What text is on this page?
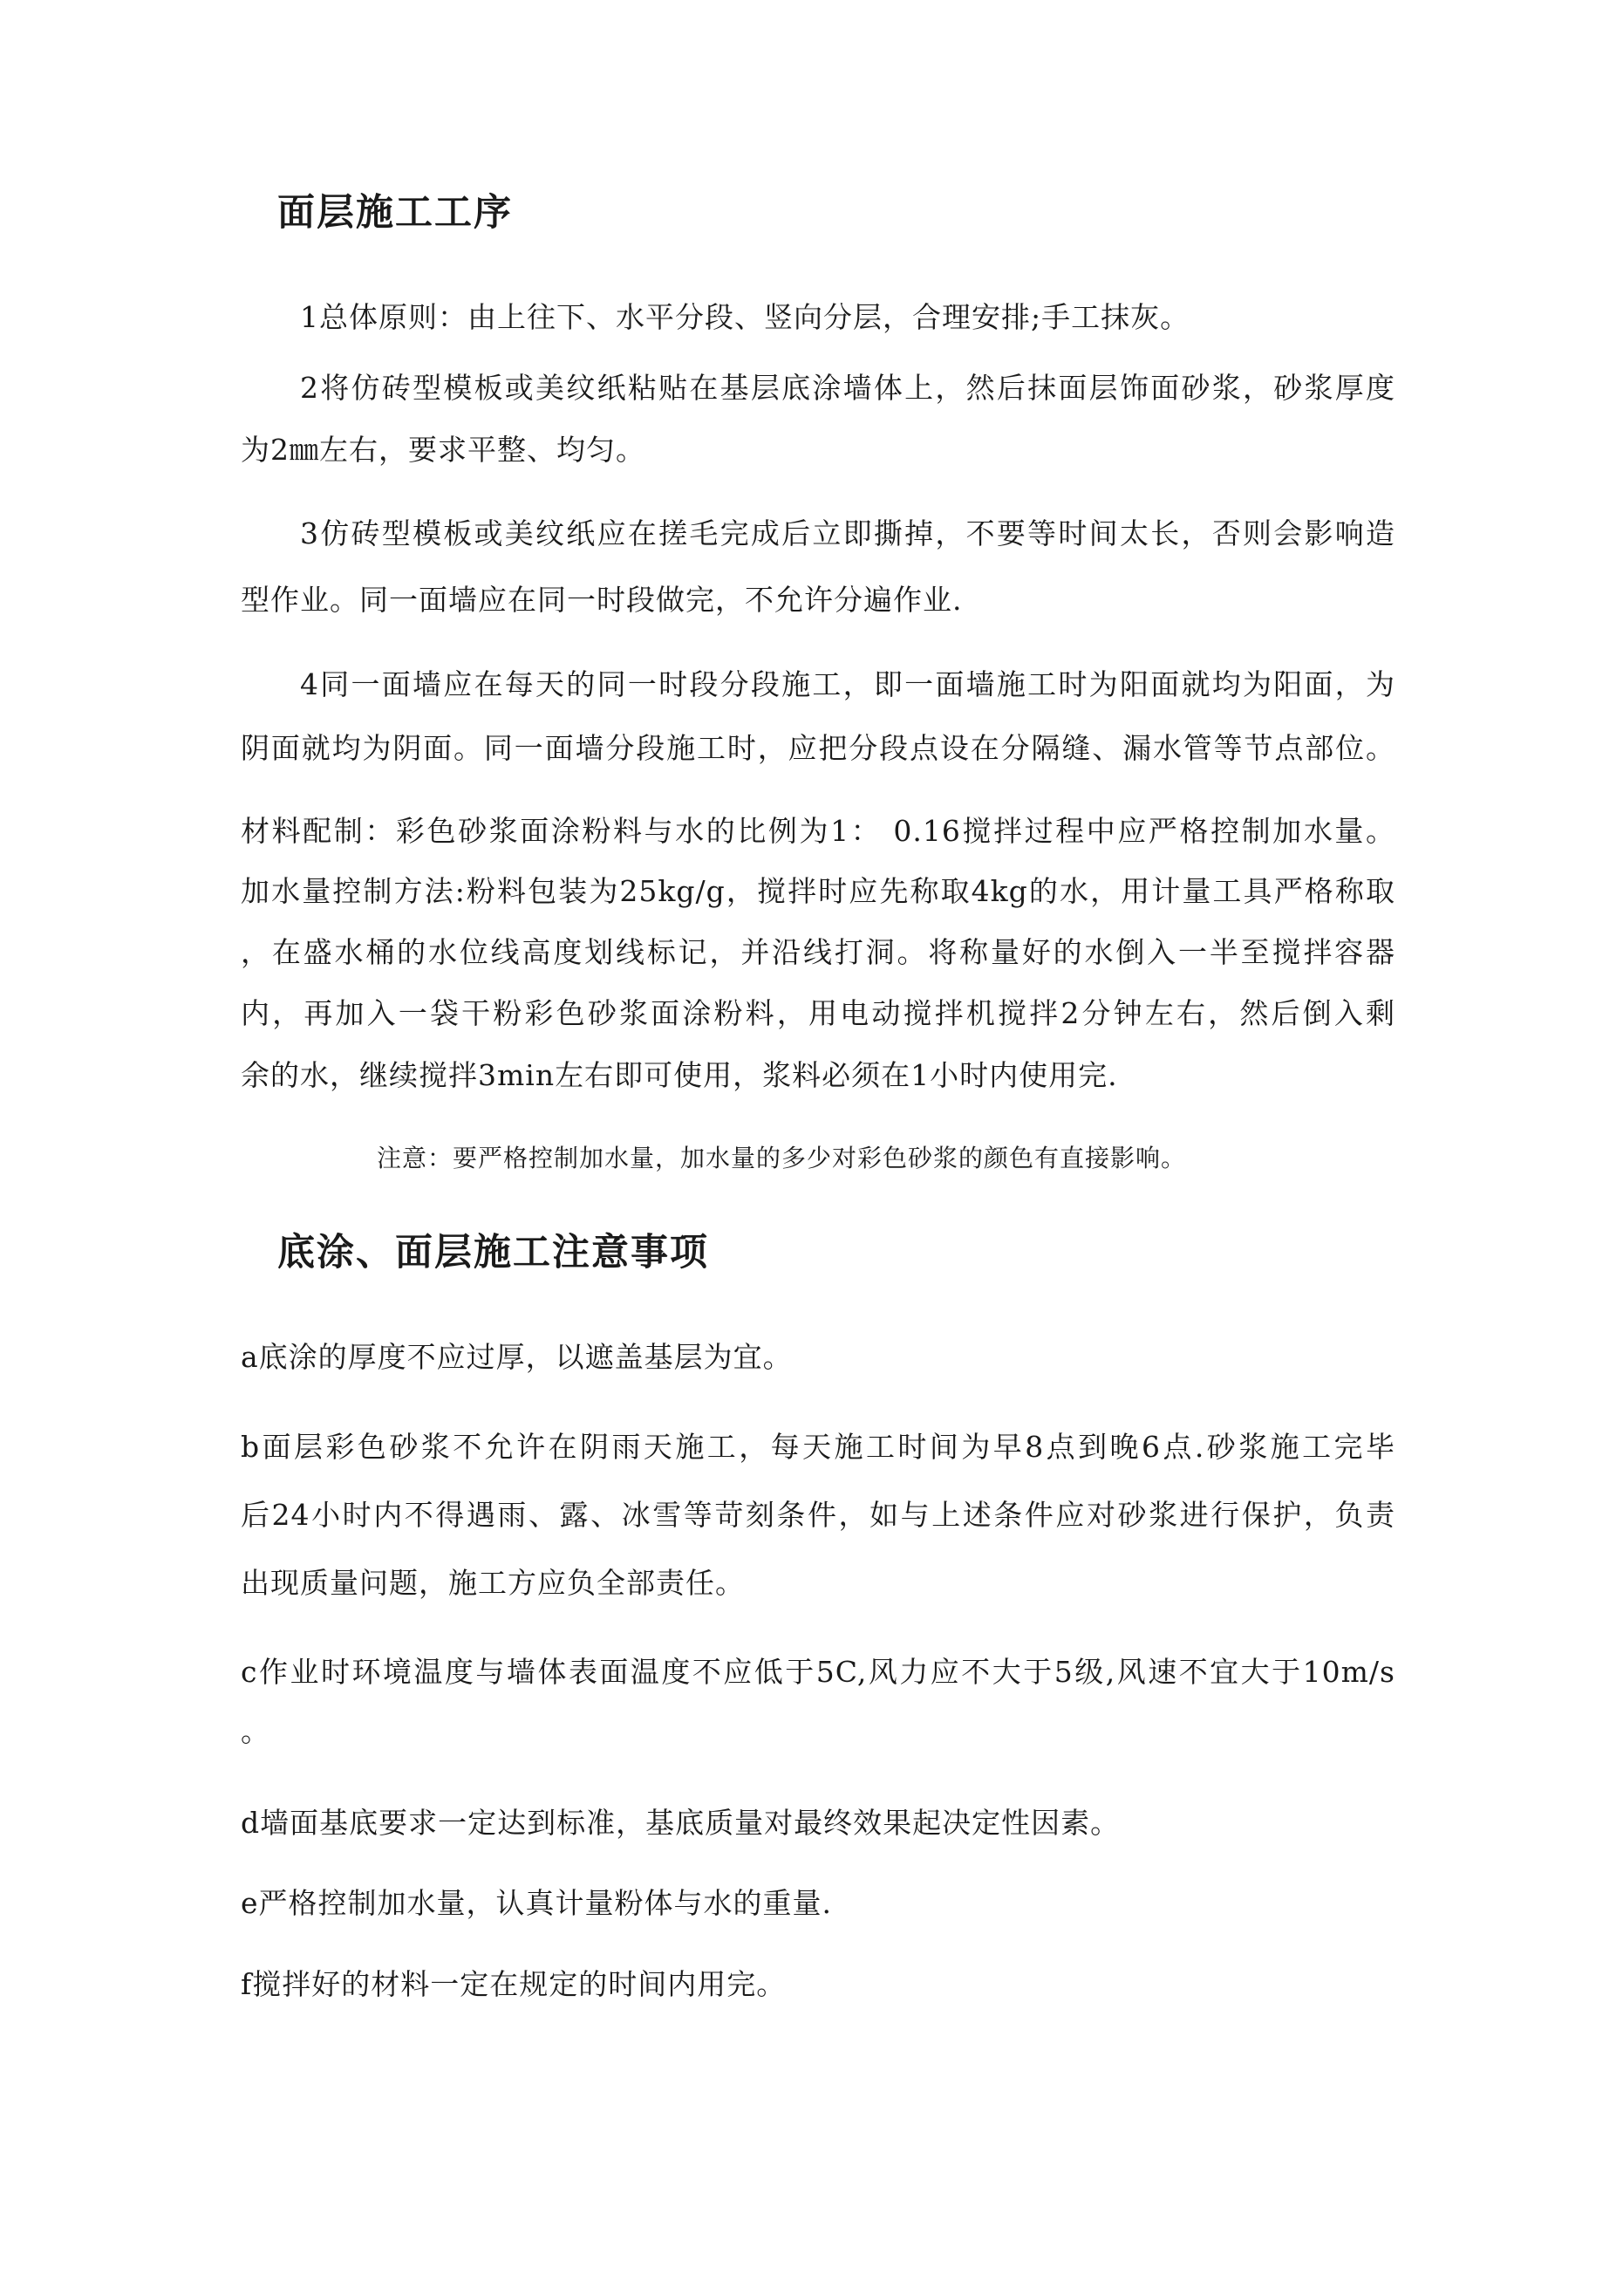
面层施工工序

1总体原则：由上往下、水平分段、竖向分层，合理安排;手工抹灰。

2将仿砖型模板或美纹纸粘贴在基层底涂墙体上，然后抹面层饰面砂浆，砂浆厚度

为2㎜左右，要求平整、均匀。

3仿砖型模板或美纹纸应在搓毛完成后立即撕掉，不要等时间太长，否则会影响造

型作业。同一面墙应在同一时段做完，不允许分遍作业.

4同一面墙应在每天的同一时段分段施工，即一面墙施工时为阳面就均为阳面，为

阴面就均为阴面。同一面墙分段施工时，应把分段点设在分隔缝、漏水管等节点部位。

材料配制：彩色砂浆面涂粉料与水的比例为1： 0.16搅拌过程中应严格控制加水量。

加水量控制方法:粉料包装为25kg/g，搅拌时应先称取4kg的水，用计量工具严格称取

，在盛水桶的水位线高度划线标记，并沿线打洞。将称量好的水倒入一半至搅拌容器

内，再加入一袋干粉彩色砂浆面涂粉料，用电动搅拌机搅拌2分钟左右，然后倒入剩

余的水，继续搅拌3min左右即可使用，浆料必须在1小时内使用完.

注意：要严格控制加水量，加水量的多少对彩色砂浆的颜色有直接影响。

底涂、面层施工注意事项

a底涂的厚度不应过厚，以遮盖基层为宜。

b面层彩色砂浆不允许在阴雨天施工，每天施工时间为早8点到晚6点.砂浆施工完毕

后24小时内不得遇雨、露、冰雪等苛刻条件，如与上述条件应对砂浆进行保护，负责

出现质量问题，施工方应负全部责任。

c作业时环境温度与墙体表面温度不应低于5C,风力应不大于5级,风速不宜大于10m/s

。

d墙面基底要求一定达到标准，基底质量对最终效果起决定性因素。

e严格控制加水量，认真计量粉体与水的重量.

f搅拌好的材料一定在规定的时间内用完。
